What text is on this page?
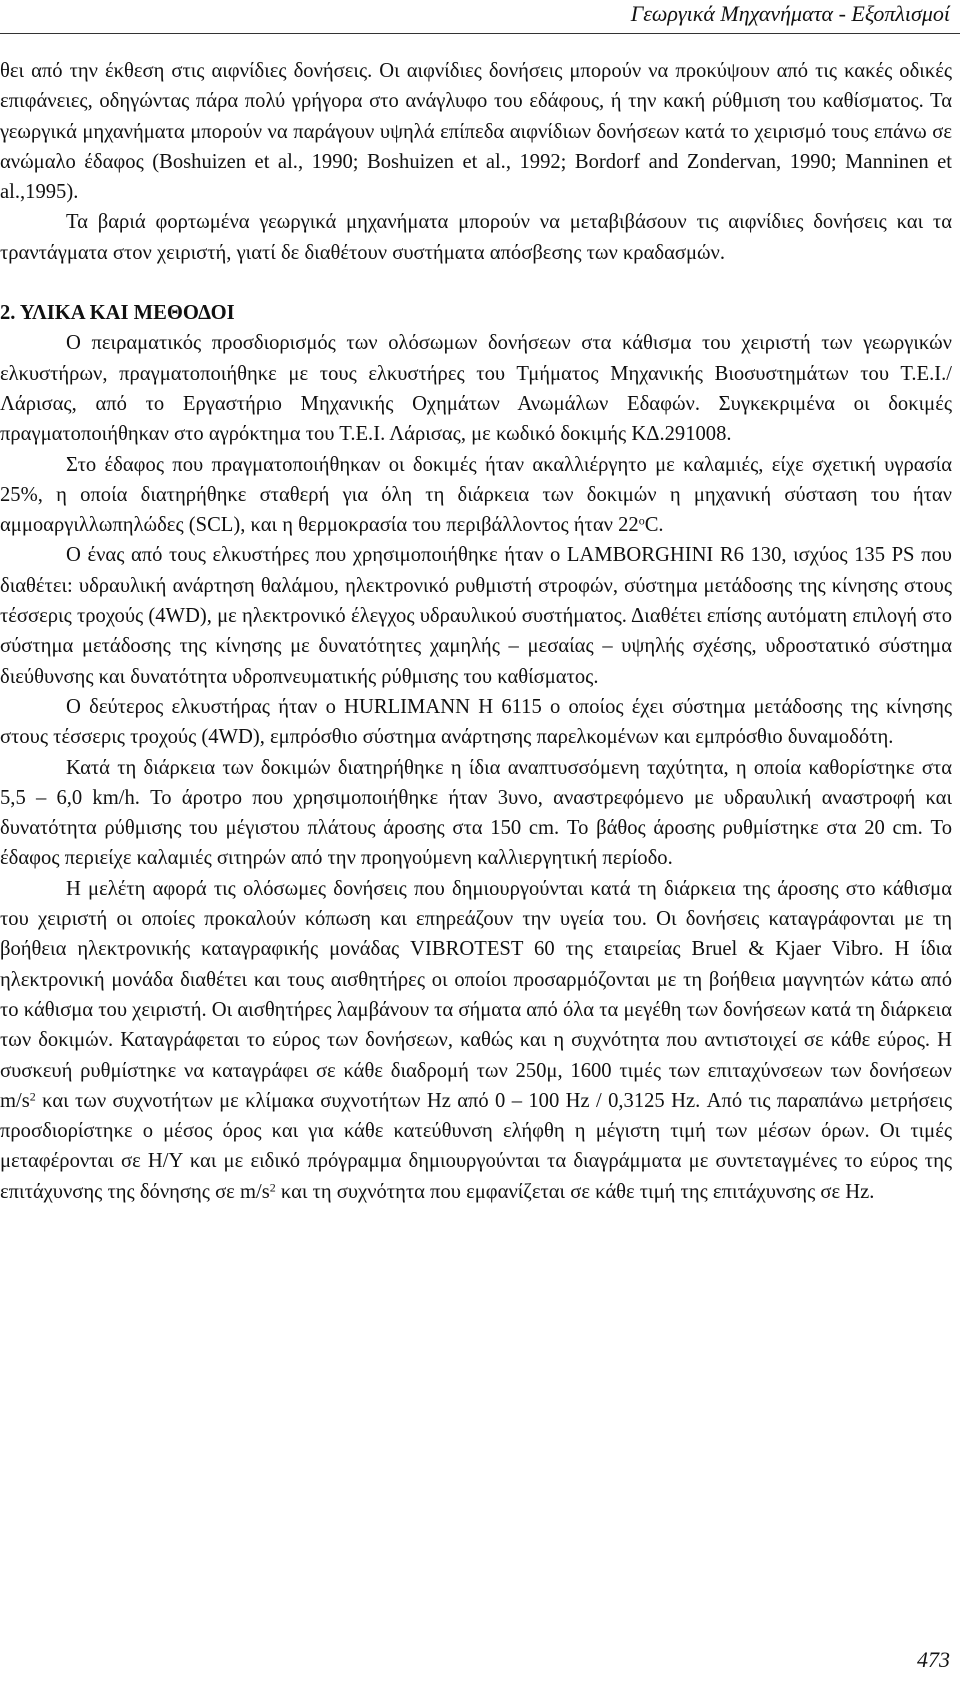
Γεωργικά Μηχανήματα - Εξοπλισμοί

θει από την έκθεση στις αιφνίδιες δονήσεις. Οι αιφνίδιες δονήσεις μπορούν να προκύψουν από τις κακές οδικές επιφάνειες, οδηγώντας πάρα πολύ γρήγορα στο ανάγλυφο του εδάφους, ή την κακή ρύθμιση του καθίσματος. Τα γεωργικά μηχανήματα μπορούν να παράγουν υψηλά επίπεδα αιφνίδιων δονήσεων κατά το χειρισμό τους επάνω σε ανώμαλο έδαφος (Boshuizen et al., 1990; Boshuizen et al., 1992; Bordorf and Zondervan, 1990; Manninen et al.,1995).

Τα βαριά φορτωμένα γεωργικά μηχανήματα μπορούν να μεταβιβάσουν τις αιφνίδιες δονήσεις και τα τραντάγματα στον χειριστή, γιατί δε διαθέτουν συστήματα απόσβεσης των κραδασμών.

2. ΥΛΙΚΑ ΚΑΙ ΜΕΘΟΔΟΙ

Ο πειραματικός προσδιορισμός των ολόσωμων δονήσεων στα κάθισμα του χειριστή των γεωργικών ελκυστήρων, πραγματοποιήθηκε με τους ελκυστήρες του Τμήματος Μηχανικής Βιοσυστημάτων του Τ.Ε.Ι./Λάρισας, από το Εργαστήριο Μηχανικής Οχημάτων Ανωμάλων Εδαφών. Συγκεκριμένα οι δοκιμές πραγματοποιήθηκαν στο αγρόκτημα του Τ.Ε.Ι. Λάρισας, με κωδικό δοκιμής ΚΔ.291008.

Στο έδαφος που πραγματοποιήθηκαν οι δοκιμές ήταν ακαλλιέργητο με καλαμιές, είχε σχετική υγρασία 25%, η οποία διατηρήθηκε σταθερή για όλη τη διάρκεια των δοκιμών η μηχανική σύσταση του ήταν αμμοαργιλλωπηλώδες (SCL), και η θερμοκρασία του περιβάλλοντος ήταν 22$^o$C.

Ο ένας από τους ελκυστήρες που χρησιμοποιήθηκε ήταν ο LAMBORGHINI R6 130, ισχύος 135 PS που διαθέτει: υδραυλική ανάρτηση θαλάμου, ηλεκτρονικό ρυθμιστή στροφών, σύστημα μετάδοσης της κίνησης στους τέσσερις τροχούς (4WD), με ηλεκτρονικό έλεγχος υδραυλικού συστήματος. Διαθέτει επίσης αυτόματη επιλογή στο σύστημα μετάδοσης της κίνησης με δυνατότητες χαμηλής – μεσαίας – υψηλής σχέσης, υδροστατικό σύστημα διεύθυνσης και δυνατότητα υδροπνευματικής ρύθμισης του καθίσματος.

Ο δεύτερος ελκυστήρας ήταν ο HURLIMANN H 6115 ο οποίος έχει σύστημα μετάδοσης της κίνησης στους τέσσερις τροχούς (4WD), εμπρόσθιο σύστημα ανάρτησης παρελκομένων και εμπρόσθιο δυναμοδότη.

Κατά τη διάρκεια των δοκιμών διατηρήθηκε η ίδια αναπτυσσόμενη ταχύτητα, η οποία καθορίστηκε στα 5,5 – 6,0 km/h. Το άροτρο που χρησιμοποιήθηκε ήταν 3υνο, αναστρεφόμενο με υδραυλική αναστροφή και δυνατότητα ρύθμισης του μέγιστου πλάτους άροσης στα 150 cm. Το βάθος άροσης ρυθμίστηκε στα 20 cm. Το έδαφος περιείχε καλαμιές σιτηρών από την προηγούμενη καλλιεργητική περίοδο.

Η μελέτη αφορά τις ολόσωμες δονήσεις που δημιουργούνται κατά τη διάρκεια της άροσης στο κάθισμα του χειριστή οι οποίες προκαλούν κόπωση και επηρεάζουν την υγεία του. Οι δονήσεις καταγράφονται με τη βοήθεια ηλεκτρονικής καταγραφικής μονάδας VIBROTEST 60 της εταιρείας Bruel & Kjaer Vibro. Η ίδια ηλεκτρονική μονάδα διαθέτει και τους αισθητήρες οι οποίοι προσαρμόζονται με τη βοήθεια μαγνητών κάτω από το κάθισμα του χειριστή. Οι αισθητήρες λαμβάνουν τα σήματα από όλα τα μεγέθη των δονήσεων κατά τη διάρκεια των δοκιμών. Καταγράφεται το εύρος των δονήσεων, καθώς και η συχνότητα που αντιστοιχεί σε κάθε εύρος. Η συσκευή ρυθμίστηκε να καταγράφει σε κάθε διαδρομή των 250μ, 1600 τιμές των επιταχύνσεων των δονήσεων $m/s^2$ και των συχνοτήτων με κλίμακα συχνοτήτων Hz από 0 – 100 Hz / 0,3125 Hz. Από τις παραπάνω μετρήσεις προσδιορίστηκε ο μέσος όρος και για κάθε κατεύθυνση ελήφθη η μέγιστη τιμή των μέσων όρων. Οι τιμές μεταφέρονται σε Η/Υ και με ειδικό πρόγραμμα δημιουργούνται τα διαγράμματα με συντεταγμένες το εύρος της επιτάχυνσης της δόνησης σε $m/s^2$ και τη συχνότητα που εμφανίζεται σε κάθε τιμή της επιτάχυνσης σε Hz.

473
